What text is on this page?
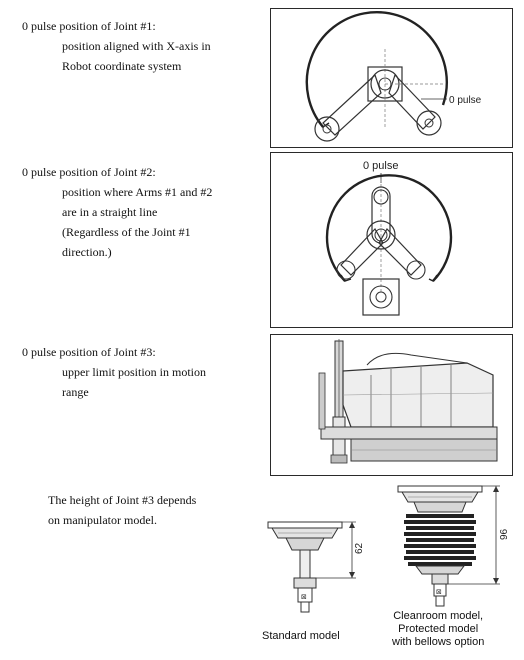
0 pulse position of Joint #1:
position aligned with X-axis in
Robot coordinate system
0 pulse
0 pulse position of Joint #2:
position where Arms #1 and #2
are in a straight line
(Regardless of the Joint #1
direction.)
0 pulse
0 pulse position of Joint #3:
upper limit position in motion
range
The height of Joint #3 depends
on manipulator model.
⊠
62
Standard model
⊠
96
Cleanroom model,
Protected model
with bellows option
